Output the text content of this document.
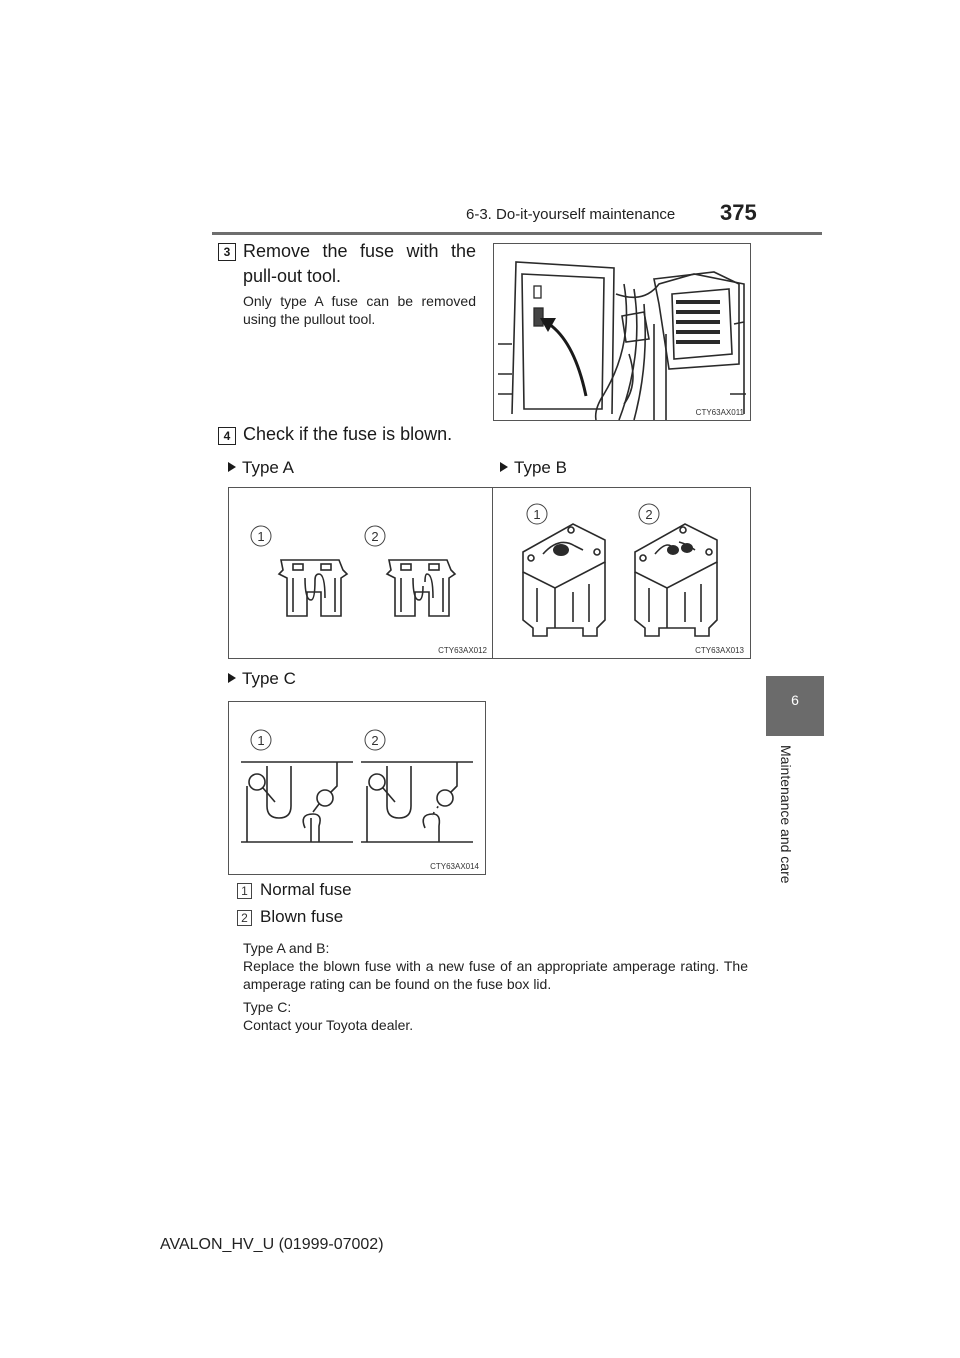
6-3. Do-it-yourself maintenance 375
6
Maintenance and care
3 Remove the fuse with the pull-out tool.
Only type A fuse can be removed using the pullout tool.
CTY63AX011
4 Check if the fuse is blown.
Type A	Type B
1	2
CTY63AX012
1	2
CTY63AX013
Type C
1	2
CTY63AX014
1 Normal fuse
2 Blown fuse
Type A and B:
Replace the blown fuse with a new fuse of an appropriate amperage rating. The amperage rating can be found on the fuse box lid.
Type C:
Contact your Toyota dealer.
AVALON_HV_U (01999-07002)
